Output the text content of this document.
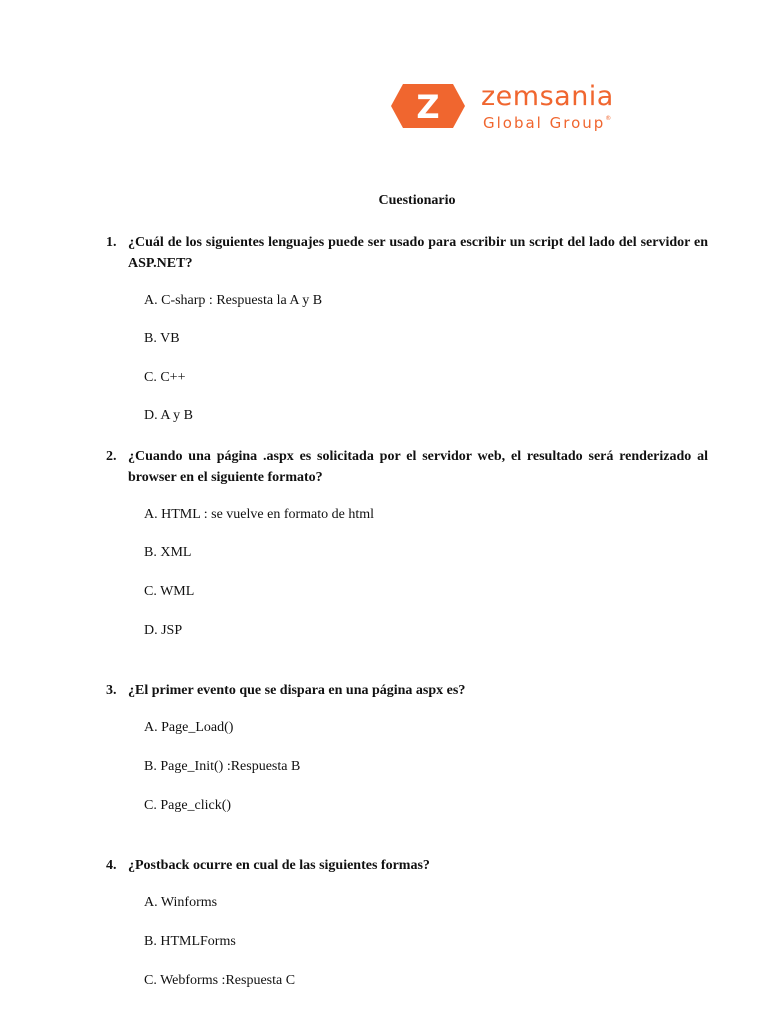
Z zemsania
Global Group®
Cuestionario
1. ¿Cuál de los siguientes lenguajes puede ser usado para escribir un script del lado del servidor en ASP.NET?
A. C-sharp : Respuesta la A y B
B. VB
C. C++
D. A y B
2. ¿Cuando una página .aspx es solicitada por el servidor web, el resultado será renderizado al browser en el siguiente formato?
A. HTML : se vuelve en formato de html
B. XML
C. WML
D. JSP
3. ¿El primer evento que se dispara en una página aspx es?
A. Page_Load()
B. Page_Init() :Respuesta B
C. Page_click()
4. ¿Postback ocurre en cual de las siguientes formas?
A. Winforms
B. HTMLForms
C. Webforms :Respuesta C
